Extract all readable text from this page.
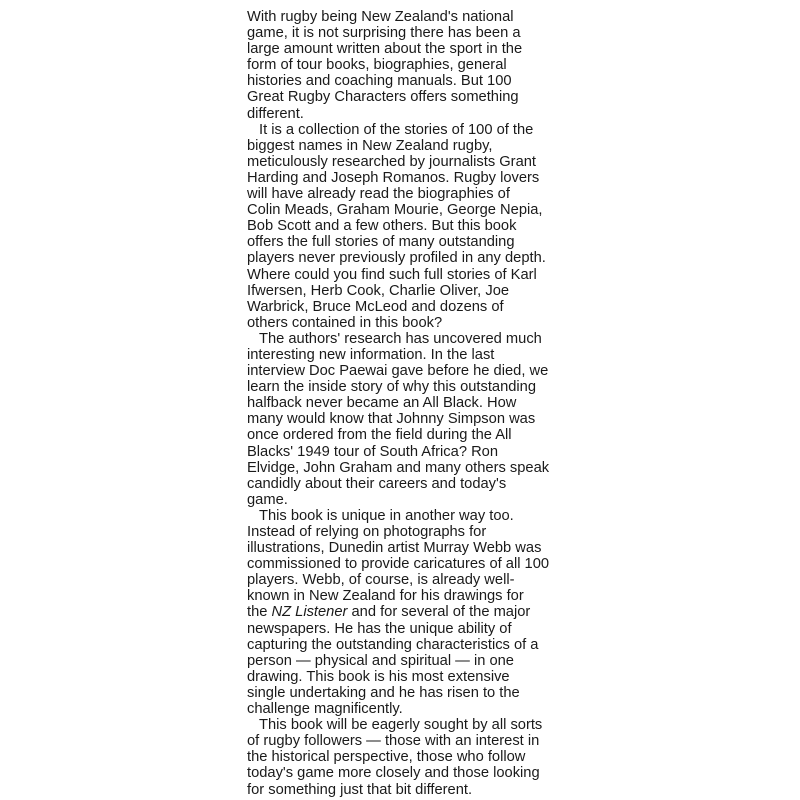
With rugby being New Zealand's national
game, it is not surprising there has been a
large amount written about the sport in the
form of tour books, biographies, general
histories and coaching manuals. But 100
Great Rugby Characters offers something
different.
It is a collection of the stories of 100 of the
biggest names in New Zealand rugby,
meticulously researched by journalists Grant
Harding and Joseph Romanos. Rugby lovers
will have already read the biographies of
Colin Meads, Graham Mourie, George Nepia,
Bob Scott and a few others. But this book
offers the full stories of many outstanding
players never previously profiled in any depth.
Where could you find such full stories of Karl
Ifwersen, Herb Cook, Charlie Oliver, Joe
Warbrick, Bruce McLeod and dozens of
others contained in this book?
The authors' research has uncovered much
interesting new information. In the last
interview Doc Paewai gave before he died, we
learn the inside story of why this outstanding
halfback never became an All Black. How
many would know that Johnny Simpson was
once ordered from the field during the All
Blacks' 1949 tour of South Africa? Ron
Elvidge, John Graham and many others speak
candidly about their careers and today's
game.
This book is unique in another way too.
Instead of relying on photographs for
illustrations, Dunedin artist Murray Webb was
commissioned to provide caricatures of all 100
players. Webb, of course, is already well-
known in New Zealand for his drawings for
the NZ Listener and for several of the major
newspapers. He has the unique ability of
capturing the outstanding characteristics of a
person — physical and spiritual — in one
drawing. This book is his most extensive
single undertaking and he has risen to the
challenge magnificently.
This book will be eagerly sought by all sorts
of rugby followers — those with an interest in
the historical perspective, those who follow
today's game more closely and those looking
for something just that bit different.
